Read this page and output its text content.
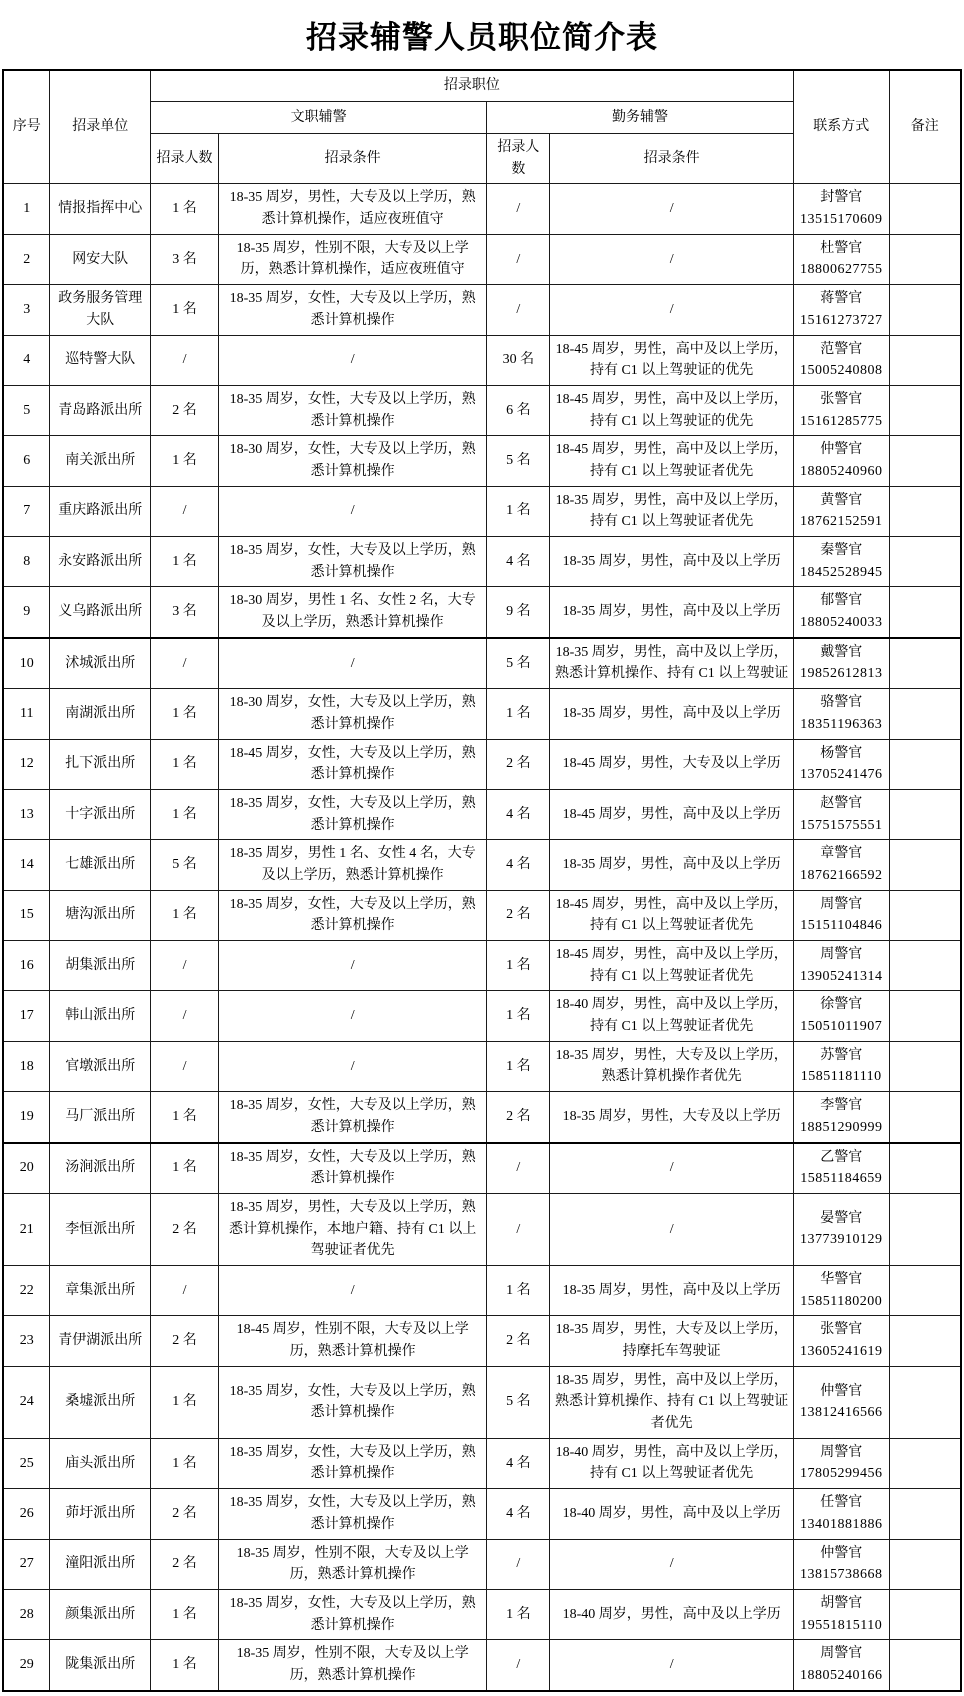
招录辅警人员职位简介表
序号	招录单位	招录职位				联系方式	备注
		文职辅警		勤务辅警			
		招录人数	招录条件	招录人数	招录条件		
1	情报指挥中心	1 名	18-35 周岁，男性，大专及以上学历，熟悉计算机操作，适应夜班值守	/	/	封警官
13515170609	

2	网安大队	3 名	18-35 周岁，性别不限，大专及以上学历，熟悉计算机操作，适应夜班值守	/	/	杜警官
18800627755	

3	政务服务管理大队	1 名	18-35 周岁，女性，大专及以上学历，熟悉计算机操作	/	/	蒋警官
15161273727	

4	巡特警大队	/	/	30 名	18-45 周岁，男性，高中及以上学历，持有 C1 以上驾驶证的优先	范警官
15005240808	

5	青岛路派出所	2 名	18-35 周岁，女性，大专及以上学历，熟悉计算机操作	6 名	18-45 周岁，男性，高中及以上学历，持有 C1 以上驾驶证的优先	张警官
15161285775	

6	南关派出所	1 名	18-30 周岁，女性，大专及以上学历，熟悉计算机操作	5 名	18-45 周岁，男性，高中及以上学历，持有 C1 以上驾驶证者优先	仲警官
18805240960	

7	重庆路派出所	/	/	1 名	18-35 周岁，男性，高中及以上学历，持有 C1 以上驾驶证者优先	黄警官
18762152591	

8	永安路派出所	1 名	18-35 周岁，女性，大专及以上学历，熟悉计算机操作	4 名	18-35 周岁，男性，高中及以上学历	秦警官
18452528945	

9	义乌路派出所	3 名	18-30 周岁，男性 1 名、女性 2 名，大专及以上学历，熟悉计算机操作	9 名	18-35 周岁，男性，高中及以上学历	郁警官
18805240033	

10	沭城派出所	/	/	5 名	18-35 周岁，男性，高中及以上学历，熟悉计算机操作、持有 C1 以上驾驶证	戴警官
19852612813	

11	南湖派出所	1 名	18-30 周岁，女性，大专及以上学历，熟悉计算机操作	1 名	18-35 周岁，男性，高中及以上学历	骆警官
18351196363	

12	扎下派出所	1 名	18-45 周岁，女性，大专及以上学历，熟悉计算机操作	2 名	18-45 周岁，男性，大专及以上学历	杨警官
13705241476	

13	十字派出所	1 名	18-35 周岁，女性，大专及以上学历，熟悉计算机操作	4 名	18-45 周岁，男性，高中及以上学历	赵警官
15751575551	

14	七雄派出所	5 名	18-35 周岁，男性 1 名、女性 4 名，大专及以上学历，熟悉计算机操作	4 名	18-35 周岁，男性，高中及以上学历	章警官
18762166592	

15	塘沟派出所	1 名	18-35 周岁，女性，大专及以上学历，熟悉计算机操作	2 名	18-45 周岁，男性，高中及以上学历，持有 C1 以上驾驶证者优先	周警官
15151104846	

16	胡集派出所	/	/	1 名	18-45 周岁，男性，高中及以上学历，持有 C1 以上驾驶证者优先	周警官
13905241314	

17	韩山派出所	/	/	1 名	18-40 周岁，男性，高中及以上学历，持有 C1 以上驾驶证者优先	徐警官
15051011907	

18	官墩派出所	/	/	1 名	18-35 周岁，男性，大专及以上学历，熟悉计算机操作者优先	苏警官
15851181110	

19	马厂派出所	1 名	18-35 周岁，女性，大专及以上学历，熟悉计算机操作	2 名	18-35 周岁，男性，大专及以上学历	李警官
18851290999	

20	汤涧派出所	1 名	18-35 周岁，女性，大专及以上学历，熟悉计算机操作	/	/	乙警官
15851184659	

21	李恒派出所	2 名	18-35 周岁，男性，大专及以上学历，熟悉计算机操作，本地户籍、持有 C1 以上驾驶证者优先	/	/	晏警官
13773910129	

22	章集派出所	/	/	1 名	18-35 周岁，男性，高中及以上学历	华警官
15851180200	

23	青伊湖派出所	2 名	18-45 周岁，性别不限，大专及以上学历，熟悉计算机操作	2 名	18-35 周岁，男性，大专及以上学历，持摩托车驾驶证	张警官
13605241619	

24	桑墟派出所	1 名	18-35 周岁，女性，大专及以上学历，熟悉计算机操作	5 名	18-35 周岁，男性，高中及以上学历，熟悉计算机操作、持有 C1 以上驾驶证者优先	仲警官
13812416566	

25	庙头派出所	1 名	18-35 周岁，女性，大专及以上学历，熟悉计算机操作	4 名	18-40 周岁，男性，高中及以上学历，持有 C1 以上驾驶证者优先	周警官
17805299456	

26	茆圩派出所	2 名	18-35 周岁，女性，大专及以上学历，熟悉计算机操作	4 名	18-40 周岁，男性，高中及以上学历	任警官
13401881886	

27	潼阳派出所	2 名	18-35 周岁，性别不限，大专及以上学历，熟悉计算机操作	/	/	仲警官
13815738668	

28	颜集派出所	1 名	18-35 周岁，女性，大专及以上学历，熟悉计算机操作	1 名	18-40 周岁，男性，高中及以上学历	胡警官
19551815110	

29	陇集派出所	1 名	18-35 周岁，性别不限，大专及以上学历，熟悉计算机操作	/	/	周警官
18805240166	
